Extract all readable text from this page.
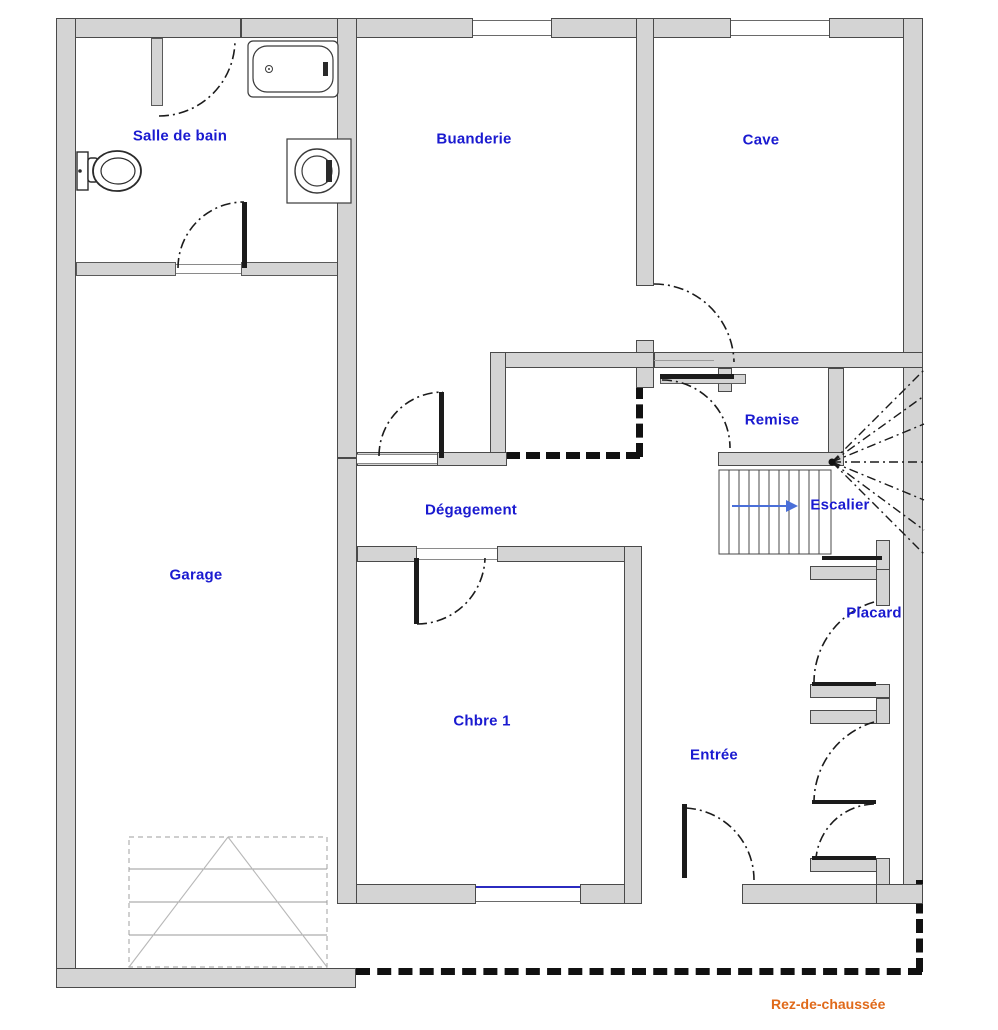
Salle de bain	Buanderie	Cave
Remise
Escalier
Placard
Dégagement
Garage
Chbre 1
Entrée
Rez-de-chaussée
